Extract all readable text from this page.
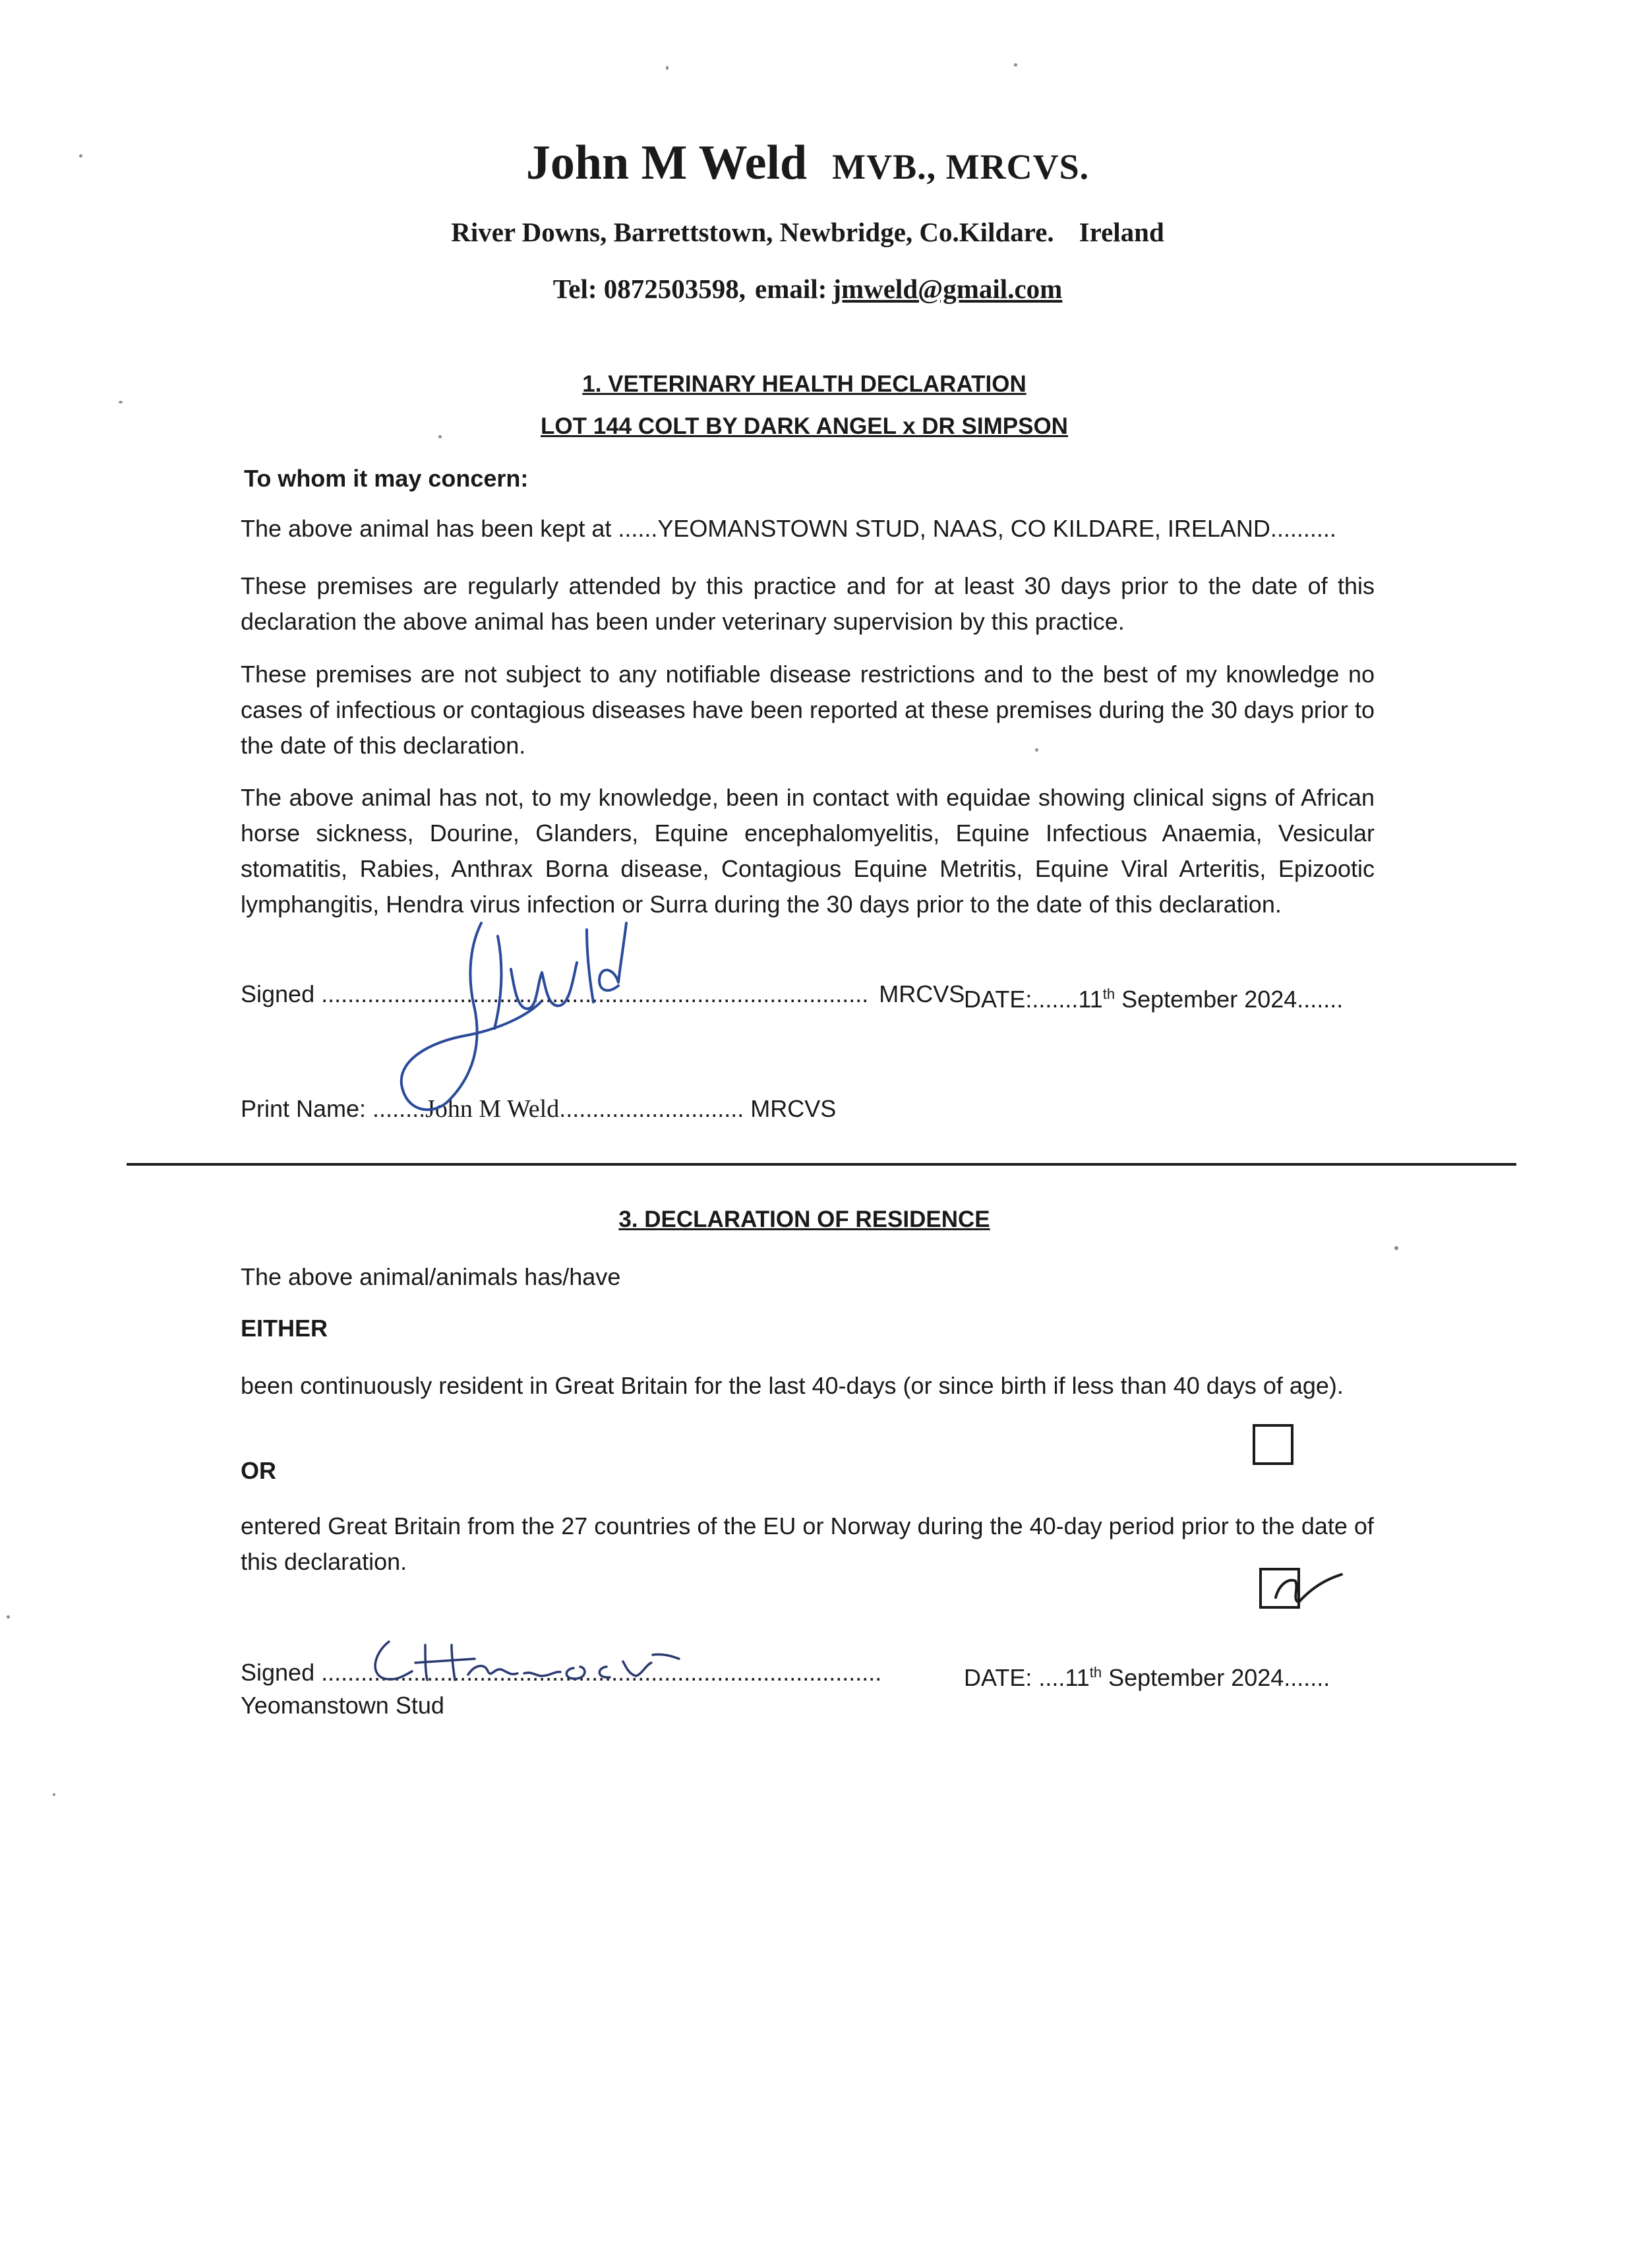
John M Weld MVB., MRCVS.
River Downs, Barrettstown, Newbridge, Co.Kildare. Ireland
Tel: 0872503598, email: jmweld@gmail.com
1. VETERINARY HEALTH DECLARATION
LOT 144 COLT BY DARK ANGEL x DR SIMPSON
To whom it may concern:
The above animal has been kept at ......YEOMANSTOWN STUD, NAAS, CO KILDARE, IRELAND..........
These premises are regularly attended by this practice and for at least 30 days prior to the date of this declaration the above animal has been under veterinary supervision by this practice.
These premises are not subject to any notifiable disease restrictions and to the best of my knowledge no cases of infectious or contagious diseases have been reported at these premises during the 30 days prior to the date of this declaration.
The above animal has not, to my knowledge, been in contact with equidae showing clinical signs of African horse sickness, Dourine, Glanders, Equine encephalomyelitis, Equine Infectious Anaemia, Vesicular stomatitis, Rabies, Anthrax Borna disease, Contagious Equine Metritis, Equine Viral Arteritis, Epizootic lymphangitis, Hendra virus infection or Surra during the 30 days prior to the date of this declaration.
Signed ................................................................................... MRCVS
DATE:.......11th September 2024.......
Print Name: ........John M Weld............................ MRCVS
3. DECLARATION OF RESIDENCE
The above animal/animals has/have
EITHER
been continuously resident in Great Britain for the last 40-days (or since birth if less than 40 days of age).
OR
entered Great Britain from the 27 countries of the EU or Norway during the 40-day period prior to the date of this declaration.
Signed .....................................................................................	DATE: ....11th September 2024.......
Yeomanstown Stud
